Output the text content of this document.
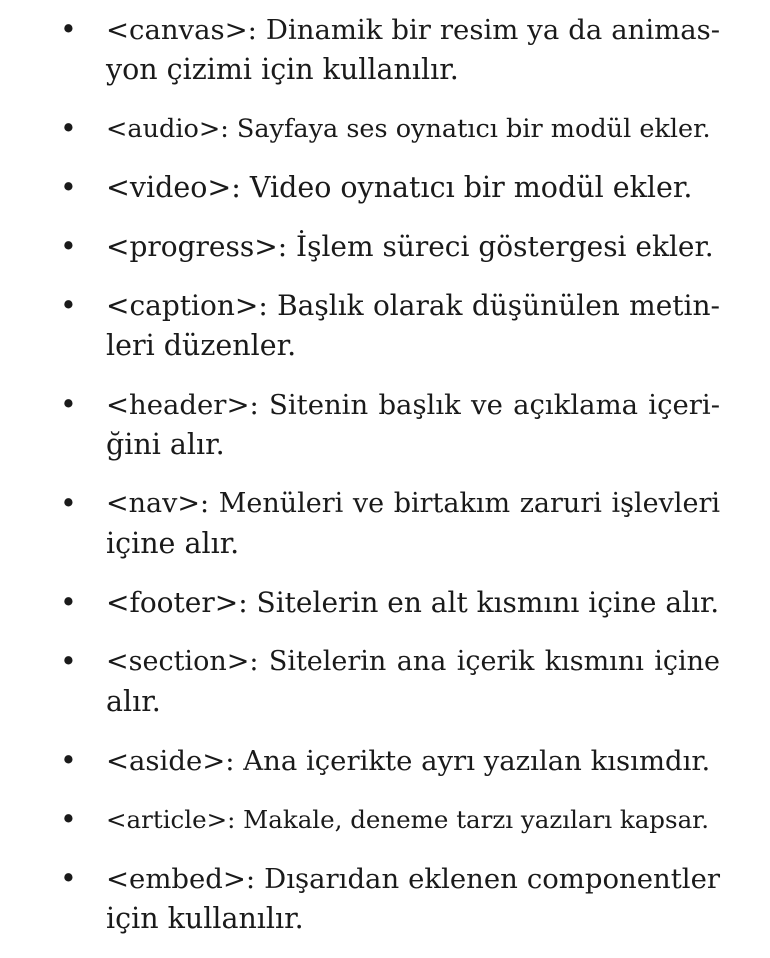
• <canvas>: Dinamik bir resim ya da animas-
yon çizimi için kullanılır.
• <audio>: Sayfaya ses oynatıcı bir modül ekler.
• <video>: Video oynatıcı bir modül ekler.
• <progress>: İşlem süreci göstergesi ekler.
• <caption>: Başlık olarak düşünülen metin-
leri düzenler.
• <header>: Sitenin başlık ve açıklama içeri-
ğini alır.
• <nav>: Menüleri ve birtakım zaruri işlevleri
içine alır.
• <footer>: Sitelerin en alt kısmını içine alır.
• <section>: Sitelerin ana içerik kısmını içine
alır.
• <aside>: Ana içerikte ayrı yazılan kısımdır.
• <article>: Makale, deneme tarzı yazıları kapsar.
• <embed>: Dışarıdan eklenen componentler
için kullanılır.
